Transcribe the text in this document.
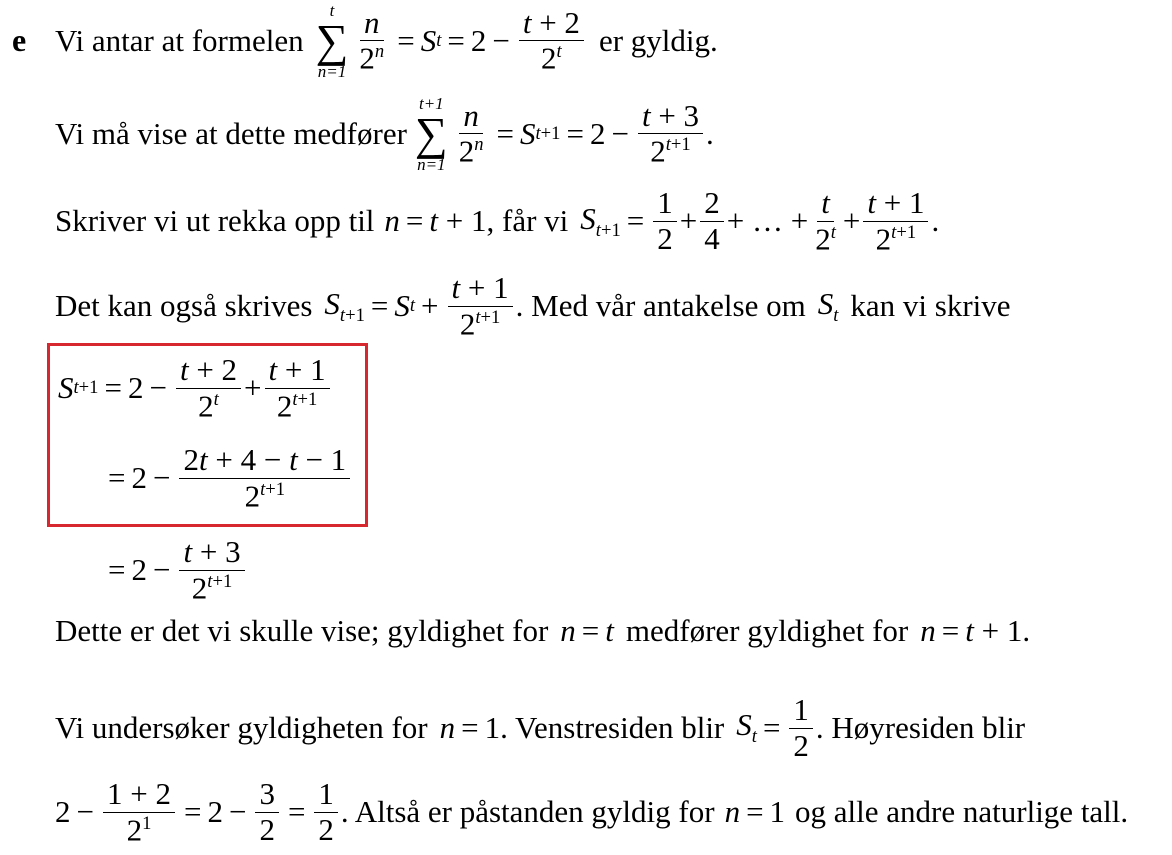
e Vi antar at formelen
t
∑
$n=1 \frac{n}{2^n} = S$ $t = 2 - \frac{t + 2}{2^t}$ er gyldig.
Vi må vise at dette medfører
t+1
∑
$n=1 \frac{n}{2^n} = S$ $t+1 = 2 - \frac{t + 3}{2^{t+1}}$ .
Skriver vi ut rekka opp til n = t + 1 , får vi $S_{t+1} = \frac{1}{2} + \frac{2}{4}$ + … + $\frac{t}{2^t} + \frac{t + 1}{2^{t+1}}$ .
Det kan også skrives $S_{t+1} = S$ $t + \frac{t + 1}{2^{t+1}}$ . Med vår antakelse om $S_t$ kan vi skrive
S $t+1 = 2 - \frac{t + 2}{2^t} + \frac{t + 1}{2^{t+1}}$
= $2 - \frac{2t + 4 - t - 1}{2^{t+1}}$
= $2 - \frac{t + 3}{2^{t+1}}$
Dette er det vi skulle vise; gyldighet for n = t medfører gyldighet for n = t + 1 .
Vi undersøker gyldigheten for n = 1 . Venstresiden blir $S_t = \frac{1}{2}$ . Høyresiden blir
$2 - \frac{1 + 2}{2^1} = 2 - \frac{3}{2} = \frac{1}{2}$ . Altså er påstanden gyldig for n = 1 og alle andre naturlige tall.
